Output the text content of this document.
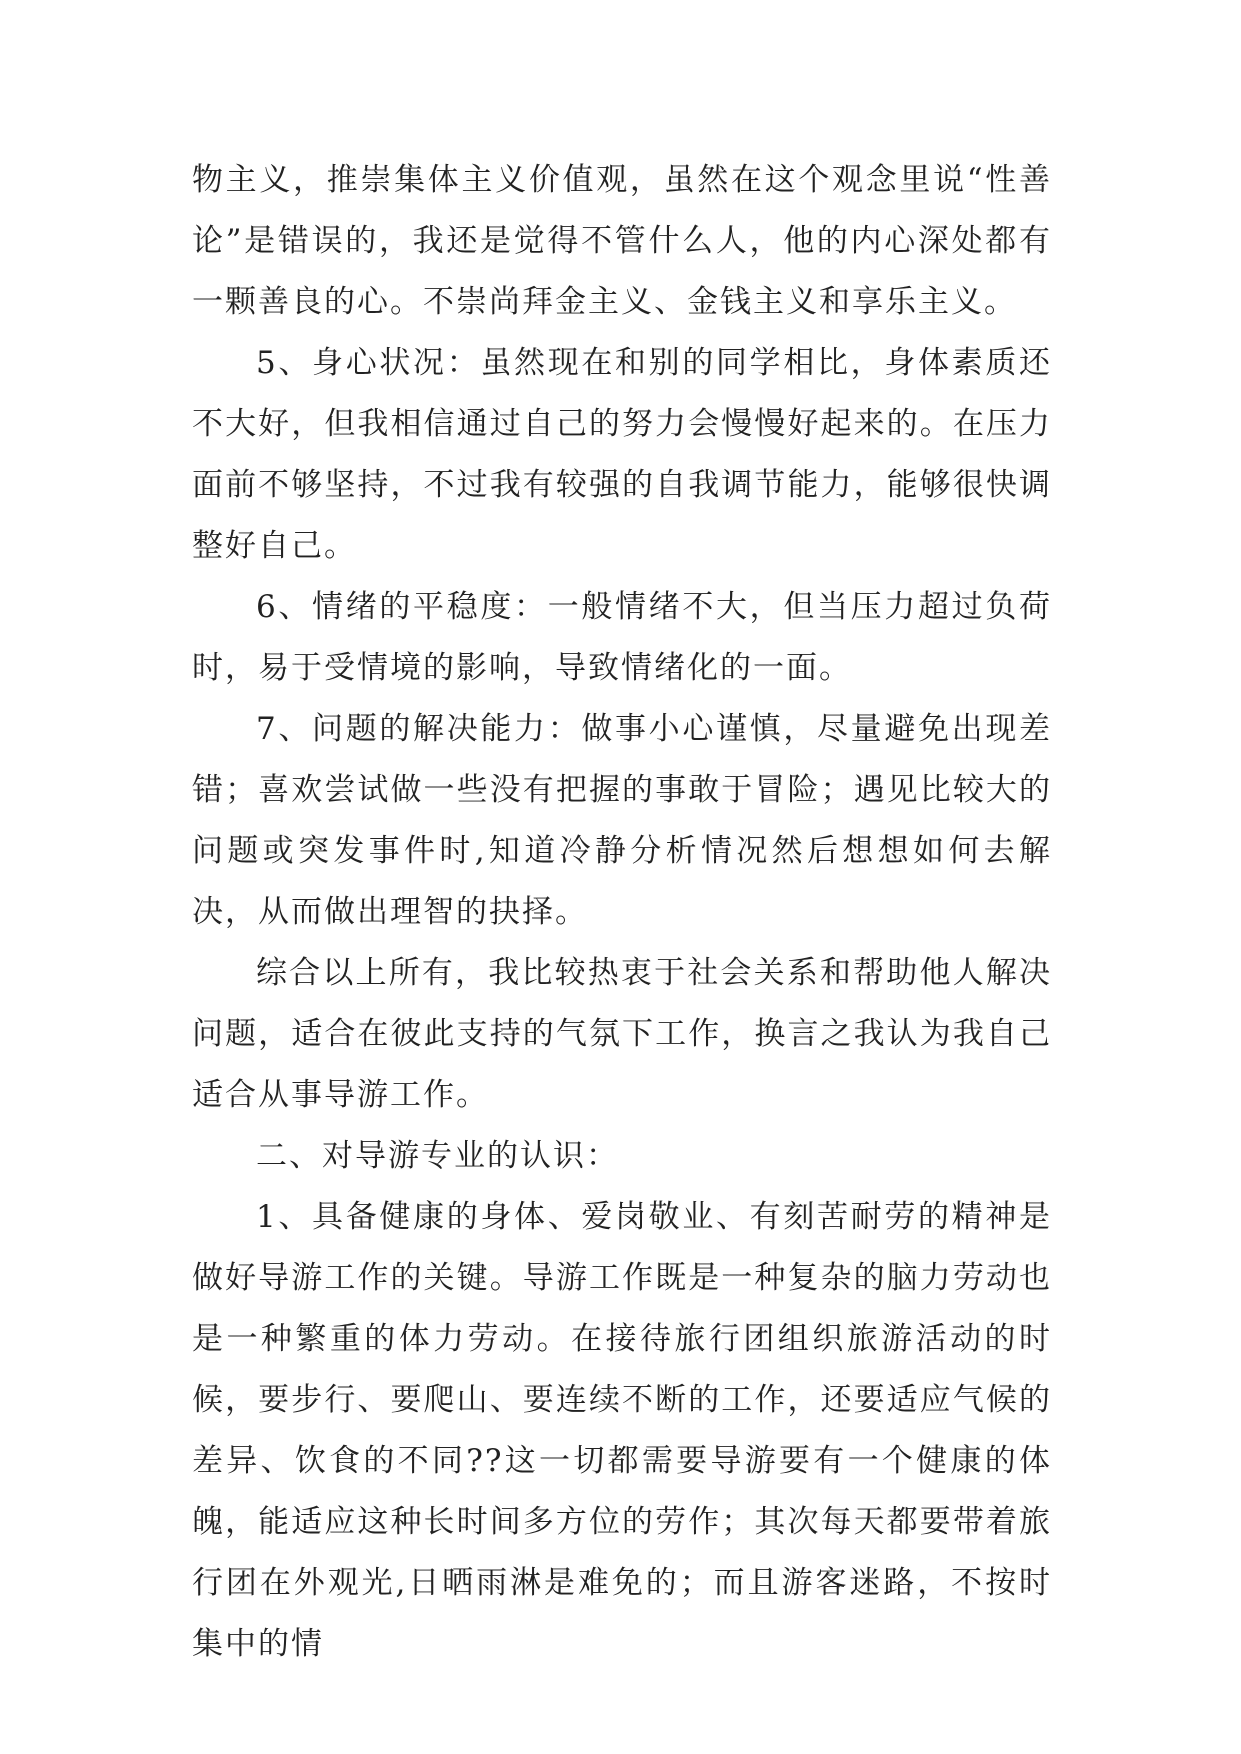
物主义，推崇集体主义价值观，虽然在这个观念里说“性善论”是错误的，我还是觉得不管什么人，他的内心深处都有一颗善良的心。不崇尚拜金主义、金钱主义和享乐主义。

5、身心状况：虽然现在和别的同学相比，身体素质还不大好，但我相信通过自己的努力会慢慢好起来的。在压力面前不够坚持，不过我有较强的自我调节能力，能够很快调整好自己。

6、情绪的平稳度：一般情绪不大，但当压力超过负荷时，易于受情境的影响，导致情绪化的一面。

7、问题的解决能力：做事小心谨慎，尽量避免出现差错；喜欢尝试做一些没有把握的事敢于冒险；遇见比较大的问题或突发事件时,知道冷静分析情况然后想想如何去解决，从而做出理智的抉择。

综合以上所有，我比较热衷于社会关系和帮助他人解决问题，适合在彼此支持的气氛下工作，换言之我认为我自己适合从事导游工作。

二、对导游专业的认识：

1、具备健康的身体、爱岗敬业、有刻苦耐劳的精神是做好导游工作的关键。导游工作既是一种复杂的脑力劳动也是一种繁重的体力劳动。在接待旅行团组织旅游活动的时候，要步行、要爬山、要连续不断的工作，还要适应气候的差异、饮食的不同??这一切都需要导游要有一个健康的体魄，能适应这种长时间多方位的劳作；其次每天都要带着旅行团在外观光,日晒雨淋是难免的；而且游客迷路，不按时集中的情
